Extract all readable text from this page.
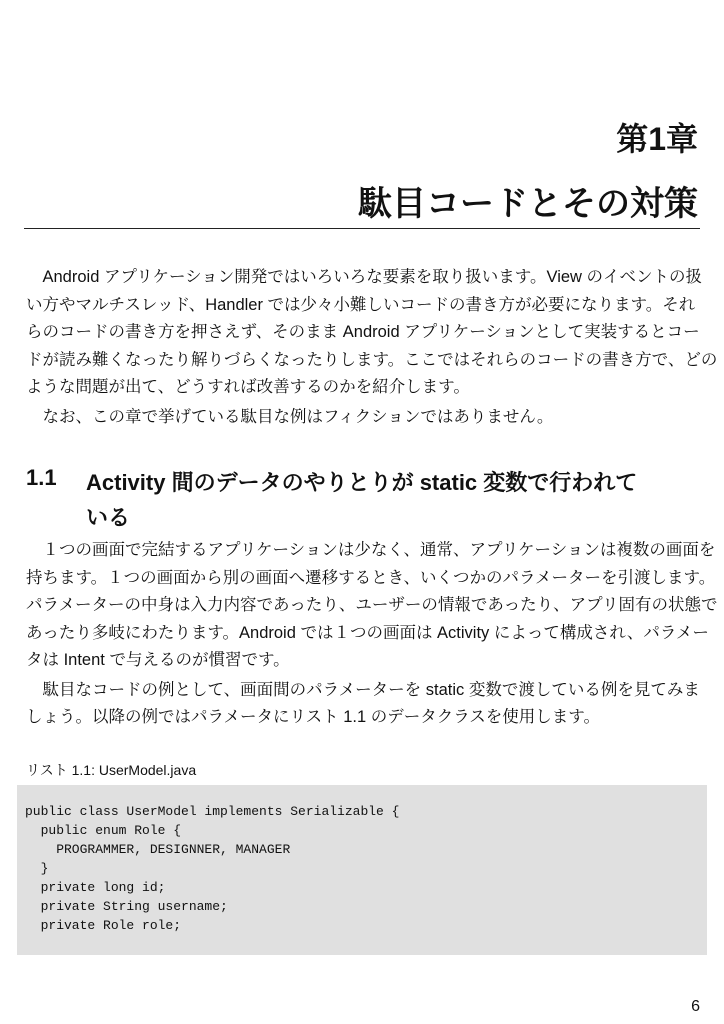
第1章
駄目コードとその対策
　Android アプリケーション開発ではいろいろな要素を取り扱います。View のイベントの扱
い方やマルチスレッド、Handler では少々小難しいコードの書き方が必要になります。それ
らのコードの書き方を押さえず、そのまま Android アプリケーションとして実装するとコー
ドが読み難くなったり解りづらくなったりします。ここではそれらのコードの書き方で、どの
ような問題が出て、どうすれば改善するのかを紹介します。
　なお、この章で挙げている駄目な例はフィクションではありません。
1.1 Activity 間のデータのやりとりが static 変数で行われて
いる
　１つの画面で完結するアプリケーションは少なく、通常、アプリケーションは複数の画面を
持ちます。１つの画面から別の画面へ遷移するとき、いくつかのパラメーターを引渡します。
パラメーターの中身は入力内容であったり、ユーザーの情報であったり、アプリ固有の状態で
あったり多岐にわたります。Android では１つの画面は Activity によって構成され、パラメー
タは Intent で与えるのが慣習です。
　駄目なコードの例として、画面間のパラメーターを static 変数で渡している例を見てみま
しょう。以降の例ではパラメータにリスト 1.1 のデータクラスを使用します。
リスト 1.1: UserModel.java
public class UserModel implements Serializable {
public enum Role {
PROGRAMMER, DESIGNNER, MANAGER
}
private long id;
private String username;
private Role role;
6
